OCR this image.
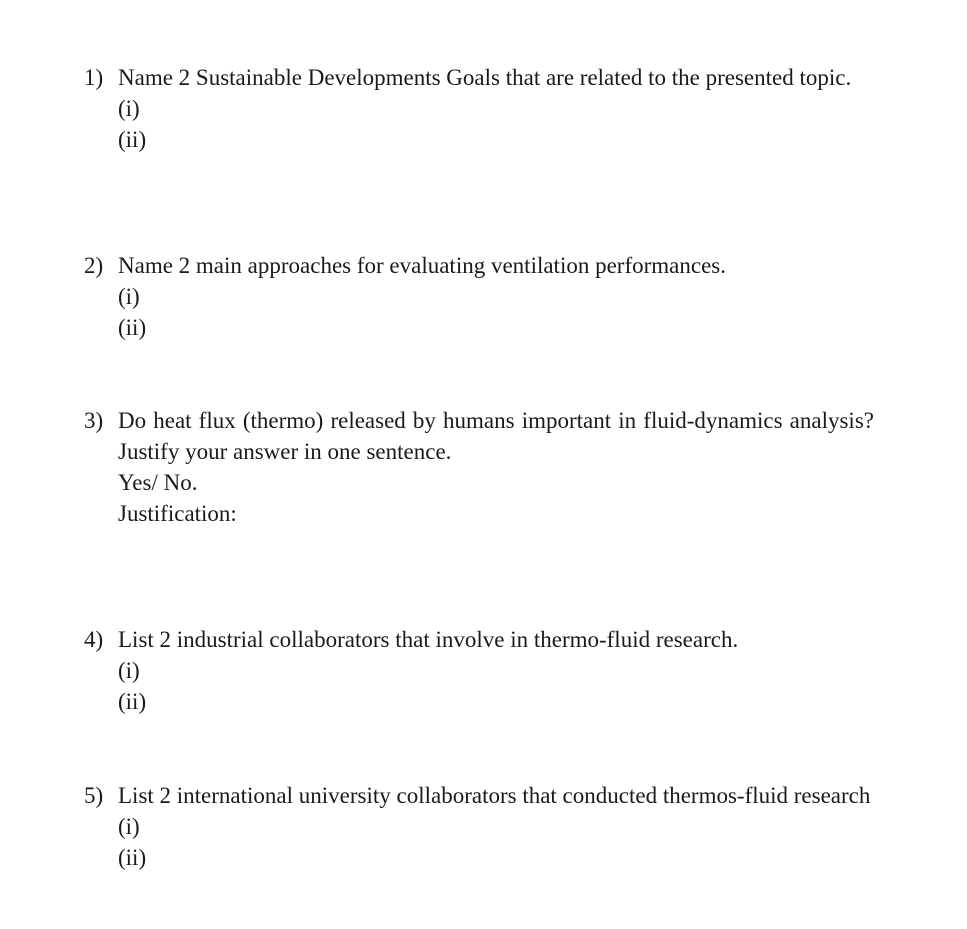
1) Name 2 Sustainable Developments Goals that are related to the presented topic.
(i)
(ii)
2) Name 2 main approaches for evaluating ventilation performances.
(i)
(ii)
3) Do heat flux (thermo) released by humans important in fluid-dynamics analysis? Justify your answer in one sentence.
Yes/ No.
Justification:
4) List 2 industrial collaborators that involve in thermo-fluid research.
(i)
(ii)
5) List 2 international university collaborators that conducted thermos-fluid research
(i)
(ii)
